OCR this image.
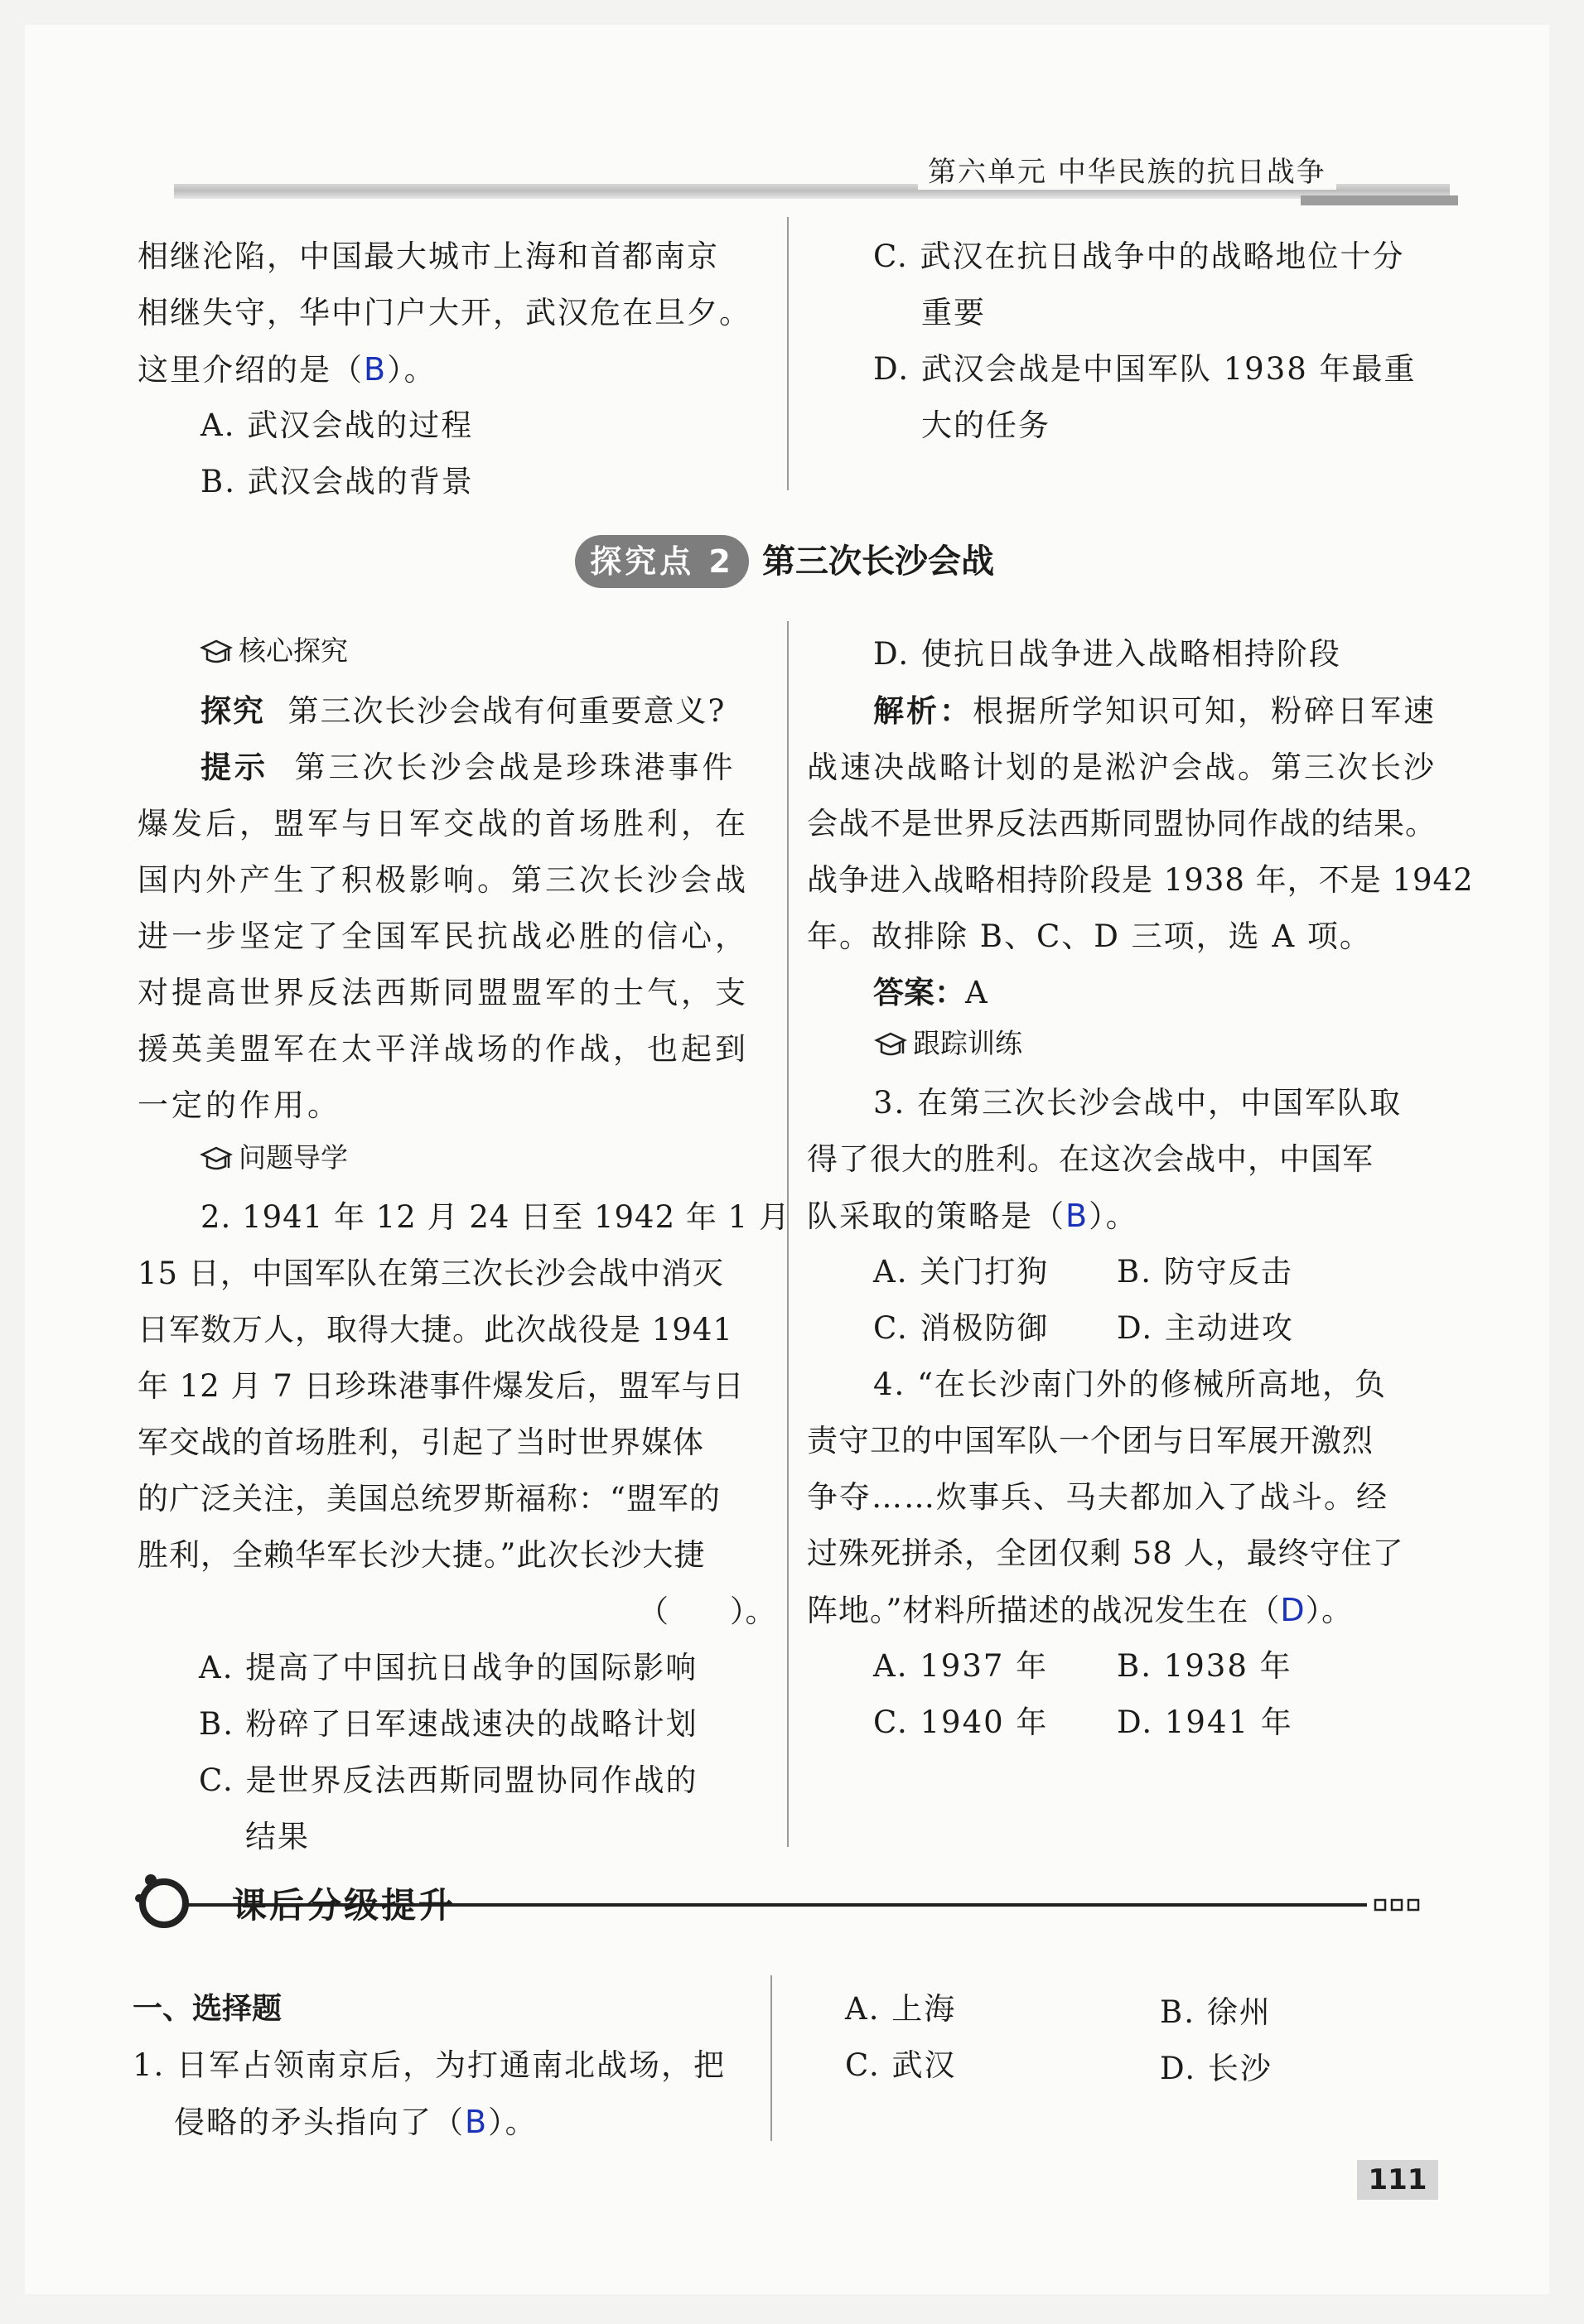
第六单元 中华民族的抗日战争
相继沦陷，中国最大城市上海和首都南京
相继失守，华中门户大开，武汉危在旦夕。
这里介绍的是（B）。
A. 武汉会战的过程
B. 武汉会战的背景
C. 武汉在抗日战争中的战略地位十分
重要
D. 武汉会战是中国军队 1938 年最重
大的任务
探究点 2 第三次长沙会战
核心探究
探究 第三次长沙会战有何重要意义?
提示 第三次长沙会战是珍珠港事件
爆发后，盟军与日军交战的首场胜利，在
国内外产生了积极影响。第三次长沙会战
进一步坚定了全国军民抗战必胜的信心，
对提高世界反法西斯同盟盟军的士气，支
援英美盟军在太平洋战场的作战，也起到
一定的作用。
问题导学
2. 1941 年 12 月 24 日至 1942 年 1 月
15 日，中国军队在第三次长沙会战中消灭
日军数万人，取得大捷。此次战役是 1941
年 12 月 7 日珍珠港事件爆发后，盟军与日
军交战的首场胜利，引起了当时世界媒体
的广泛关注，美国总统罗斯福称：“盟军的
胜利，全赖华军长沙大捷。”此次长沙大捷
（　　）。
A. 提高了中国抗日战争的国际影响
B. 粉碎了日军速战速决的战略计划
C. 是世界反法西斯同盟协同作战的
结果
D. 使抗日战争进入战略相持阶段
解析：根据所学知识可知，粉碎日军速
战速决战略计划的是淞沪会战。第三次长沙
会战不是世界反法西斯同盟协同作战的结果。
战争进入战略相持阶段是 1938 年，不是 1942
年。故排除 B、C、D 三项，选 A 项。
答案：A
跟踪训练
3. 在第三次长沙会战中，中国军队取
得了很大的胜利。在这次会战中，中国军
队采取的策略是（B）。
A. 关门打狗 B. 防守反击
C. 消极防御 D. 主动进攻
4. “在长沙南门外的修械所高地，负
责守卫的中国军队一个团与日军展开激烈
争夺……炊事兵、马夫都加入了战斗。经
过殊死拼杀，全团仅剩 58 人，最终守住了
阵地。”材料所描述的战况发生在（D）。
A. 1937 年 B. 1938 年
C. 1940 年 D. 1941 年
课后分级提升
一、选择题
1. 日军占领南京后，为打通南北战场，把
侵略的矛头指向了（B）。
A. 上海	B. 徐州
C. 武汉	D. 长沙
111
